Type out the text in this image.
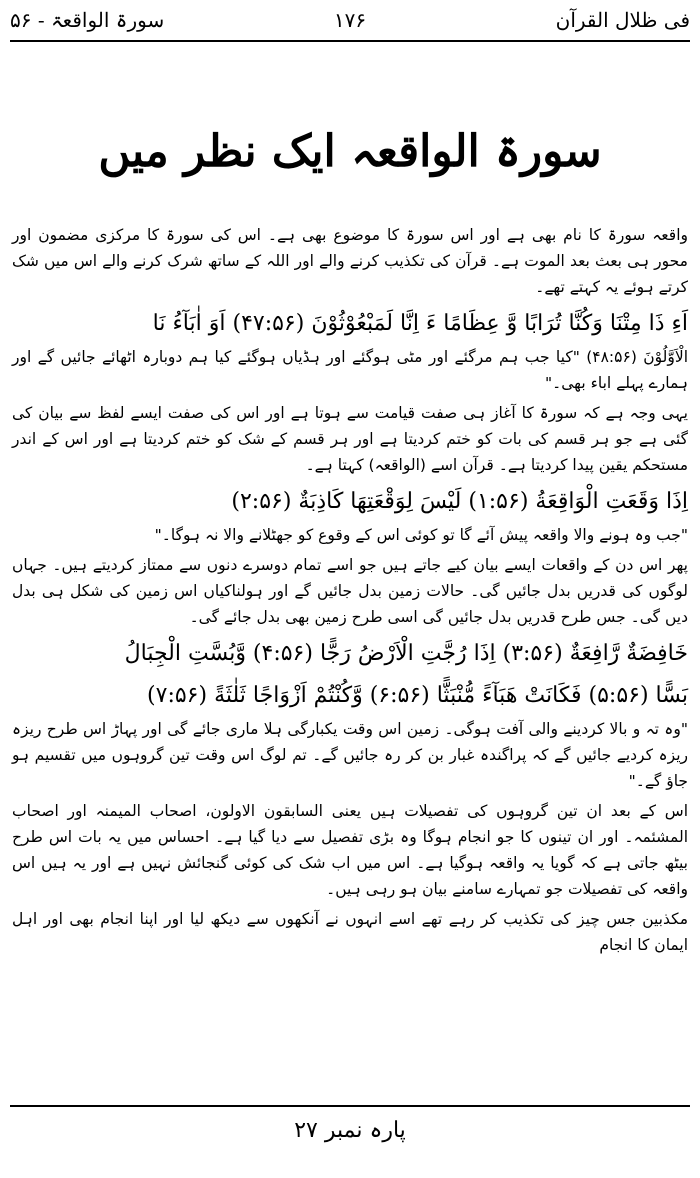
فی ظلال القرآن
۱۷۶
سورۃ الواقعۃ - ۵۶
سورۃ الواقعہ ایک نظر میں

واقعہ سورۃ کا نام بھی ہے اور اس سورۃ کا موضوع بھی ہے۔ اس کی سورۃ کا مرکزی مضمون اور محور ہی بعث بعد الموت ہے۔ قرآن کی تکذیب کرنے والے اور اللہ کے ساتھ شرک کرنے والے اس میں شک کرتے ہوئے یہ کہتے تھے۔

اَءِ ذَا مِتْنَا وَكُنَّا تُرَابًا وَّ عِظَامًا ءَ اِنَّا لَمَبْعُوْثُوْنَ (۴۷:۵۶) اَوَ اٰبَآءُ نَا

الْاَوَّلُوْنَ (۴۸:۵۶) "کیا جب ہم مرگئے اور مٹی ہوگئے اور ہڈیاں ہوگئے کیا ہم دوبارہ اٹھائے جائیں گے اور ہمارے پہلے اباء بھی۔"

یہی وجہ ہے کہ سورۃ کا آغاز ہی صفت قیامت سے ہوتا ہے اور اس کی صفت ایسے لفظ سے بیان کی گئی ہے جو ہر قسم کی بات کو ختم کردیتا ہے اور ہر قسم کے شک کو ختم کردیتا ہے اور اس کے اندر مستحکم یقین پیدا کردیتا ہے۔ قرآن اسے (الواقعہ) کہتا ہے۔

اِذَا وَقَعَتِ الْوَاقِعَةُ (۱:۵۶) لَيْسَ لِوَقْعَتِهَا كَاذِبَةٌ (۲:۵۶)

"جب وہ ہونے والا واقعہ پیش آئے گا تو کوئی اس کے وقوع کو جھٹلانے والا نہ ہوگا۔"

پھر اس دن کے واقعات ایسے بیان کیے جاتے ہیں جو اسے تمام دوسرے دنوں سے ممتاز کردیتے ہیں۔ جہاں لوگوں کی قدریں بدل جائیں گی۔ حالات زمین بدل جائیں گے اور ہولناکیاں اس زمین کی شکل ہی بدل دیں گی۔ جس طرح قدریں بدل جائیں گی اسی طرح زمین بھی بدل جائے گی۔

خَافِضَةٌ رَّافِعَةٌ (۳:۵۶) اِذَا رُجَّتِ الْاَرْضُ رَجًّا (۴:۵۶) وَّبُسَّتِ الْجِبَالُ
بَسًّا (۵:۵۶) فَكَانَتْ هَبَآءً مُّنْبَثًّا (۶:۵۶) وَّكُنْتُمْ اَزْوَاجًا ثَلٰثَةً (۷:۵۶)

"وہ تہ و بالا کردینے والی آفت ہوگی۔ زمین اس وقت یکبارگی ہلا ماری جائے گی اور پہاڑ اس طرح ریزہ ریزہ کردیے جائیں گے کہ پراگندہ غبار بن کر رہ جائیں گے۔ تم لوگ اس وقت تین گروہوں میں تقسیم ہو جاؤ گے۔"

اس کے بعد ان تین گروہوں کی تفصیلات ہیں یعنی السابقون الاولون، اصحاب المیمنہ اور اصحاب المشئمہ۔ اور ان تینوں کا جو انجام ہوگا وہ بڑی تفصیل سے دیا گیا ہے۔ احساس میں یہ بات اس طرح بیٹھ جاتی ہے کہ گویا یہ واقعہ ہوگیا ہے۔ اس میں اب شک کی کوئی گنجائش نہیں ہے اور یہ ہیں اس واقعہ کی تفصیلات جو تمہارے سامنے بیان ہو رہی ہیں۔

مکذبین جس چیز کی تکذیب کر رہے تھے اسے انہوں نے آنکھوں سے دیکھ لیا اور اپنا انجام بھی اور اہل ایمان کا انجام

پارہ نمبر ۲۷
